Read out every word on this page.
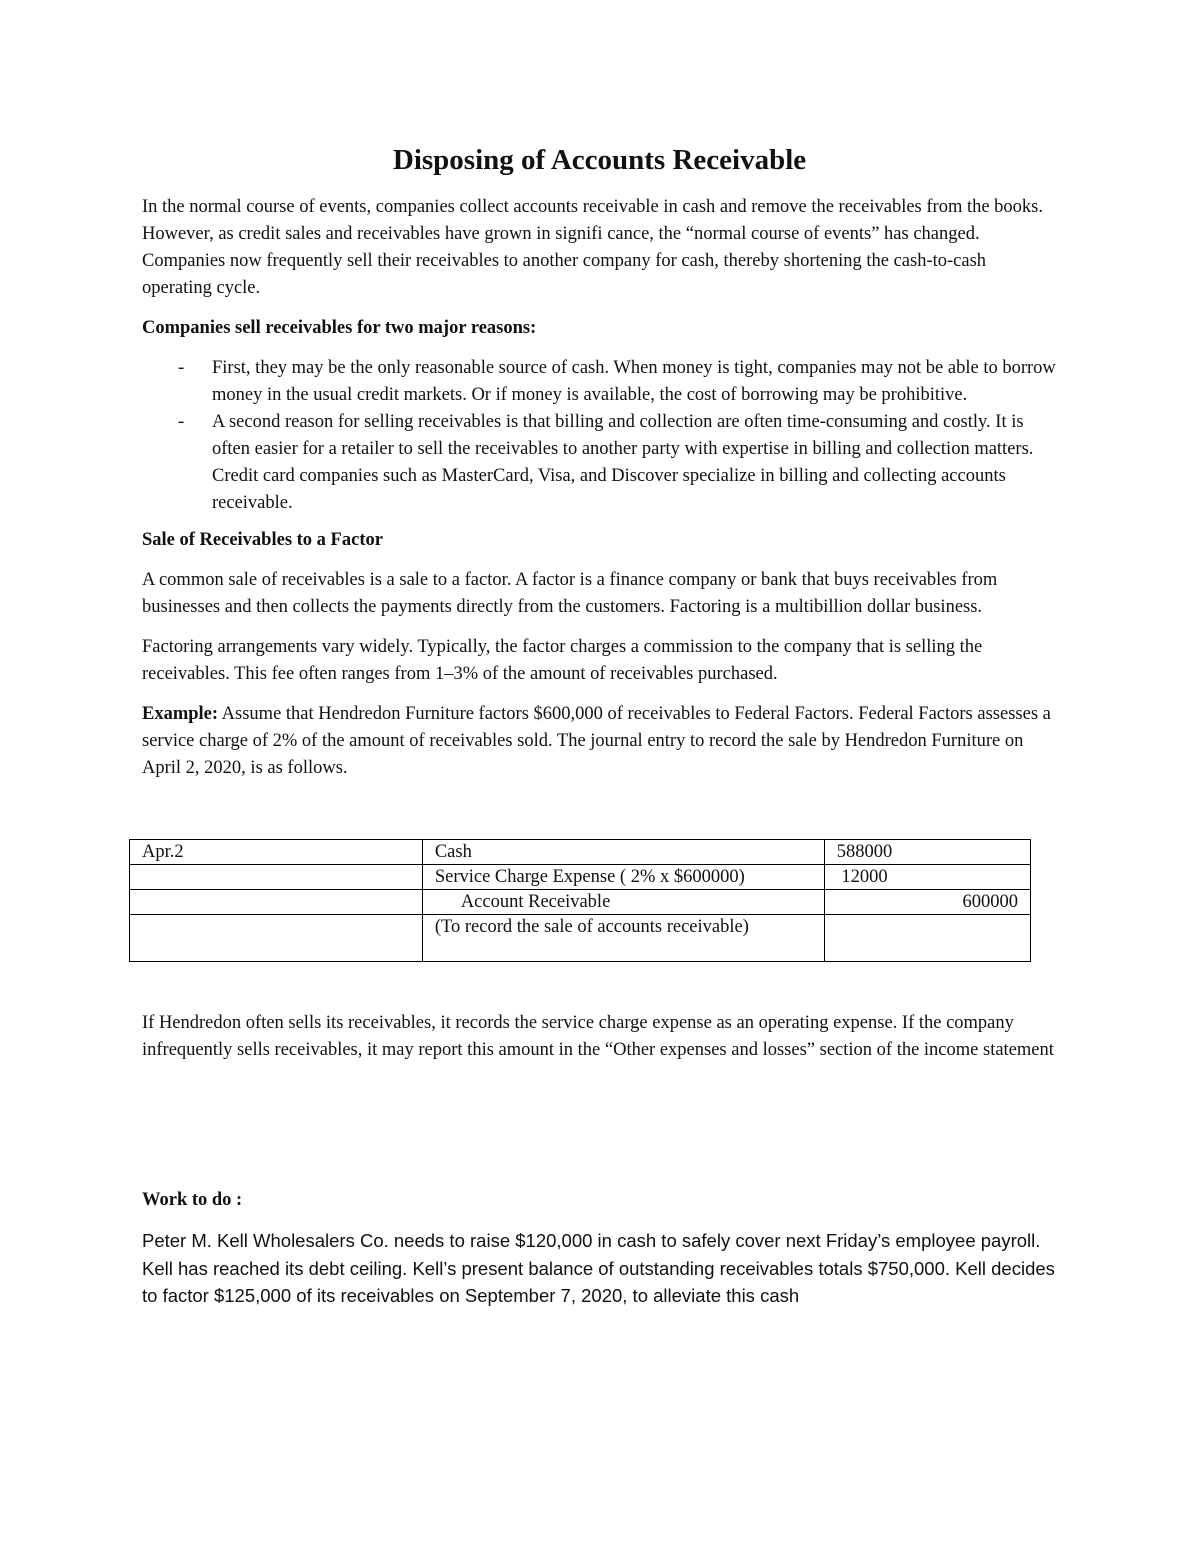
Disposing of Accounts Receivable

In the normal course of events, companies collect accounts receivable in cash and remove the receivables from the books. However, as credit sales and receivables have grown in signifi cance, the “normal course of events” has changed. Companies now frequently sell their receivables to another company for cash, thereby shortening the cash-to-cash operating cycle.

Companies sell receivables for two major reasons:

- First, they may be the only reasonable source of cash. When money is tight, companies may not be able to borrow money in the usual credit markets. Or if money is available, the cost of borrowing may be prohibitive.
- A second reason for selling receivables is that billing and collection are often time-consuming and costly. It is often easier for a retailer to sell the receivables to another party with expertise in billing and collection matters. Credit card companies such as MasterCard, Visa, and Discover specialize in billing and collecting accounts receivable.

Sale of Receivables to a Factor

A common sale of receivables is a sale to a factor. A factor is a finance company or bank that buys receivables from businesses and then collects the payments directly from the customers. Factoring is a multibillion dollar business.

Factoring arrangements vary widely. Typically, the factor charges a commission to the company that is selling the receivables. This fee often ranges from 1–3% of the amount of receivables purchased.

Example: Assume that Hendredon Furniture factors $600,000 of receivables to Federal Factors. Federal Factors assesses a service charge of 2% of the amount of receivables sold. The journal entry to record the sale by Hendredon Furniture on April 2, 2020, is as follows.

Apr.2	Cash	588000
	Service Charge Expense ( 2% x $600000)	12000
	Account Receivable	600000
	(To record the sale of accounts receivable)	

If Hendredon often sells its receivables, it records the service charge expense as an operating expense. If the company infrequently sells receivables, it may report this amount in the “Other expenses and losses” section of the income statement

Work to do :

Peter M. Kell Wholesalers Co. needs to raise $120,000 in cash to safely cover next Friday’s employee payroll. Kell has reached its debt ceiling. Kell’s present balance of outstanding receivables totals $750,000. Kell decides to factor $125,000 of its receivables on September 7, 2020, to alleviate this cash
